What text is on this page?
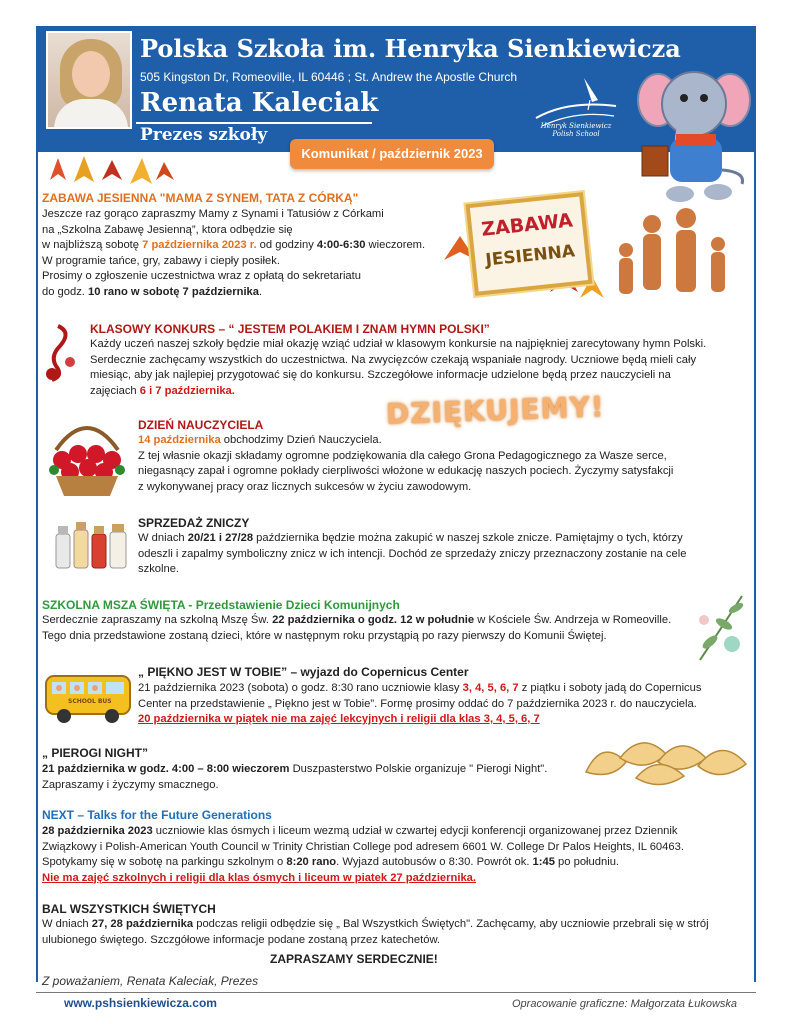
Polska Szkoła im. Henryka Sienkiewicza
505 Kingston Dr, Romeoville, IL 60446 ; St. Andrew the Apostle Church
Renata Kaleciak
Prezes szkoły	Henryk Sienkiewicz
Polish School
Komunikat / październik 2023
ZABAWA JESIENNA "MAMA Z SYNEM, TATA Z CÓRKĄ"
Jeszcze raz gorąco zapraszmy Mamy z Synami i Tatusiów z Córkami
na „Szkolna Zabawę Jesienną”, ktora odbędzie się
w najbliższą sobotę 7 października 2023 r. od godziny 4:00-6:30 wieczorem.
W programie tańce, gry, zabawy i ciepły posiłek.
Prosimy o zgłoszenie uczestnictwa wraz z opłatą do sekretariatu
do godz. 10 rano w sobotę 7 października.
ZABAWA
JESIENNA
KLASOWY KONKURS – “ JESTEM POLAKIEM I ZNAM HYMN POLSKI”
Każdy uczeń naszej szkoły będzie miał okazję wziąć udział w klasowym konkursie na najpiękniej zarecytowany hymn Polski.
Serdecznie zachęcamy wszystkich do uczestnictwa. Na zwycięzców czekają wspaniałe nagrody. Uczniowe będą mieli cały
miesiąc, aby jak najlepiej przygotować się do konkursu. Szczegółowe informacje udzielone będą przez nauczycieli na
zajęciach 6 i 7 października.
DZIEŃ NAUCZYCIELA	DZIĘKUJEMY!
14 października obchodzimy Dzień Nauczyciela.
Z tej własnie okazji składamy ogromne podziękowania dla całego Grona Pedagogicznego za Wasze serce,
niegasnący zapał i ogromne pokłady cierpliwości włożone w edukację naszych pociech. Życzymy satysfakcji
z wykonywanej pracy oraz licznych sukcesów w życiu zawodowym.
SPRZEDAŻ ZNICZY
W dniach 20/21 i 27/28 października będzie można zakupić w naszej szkole znicze. Pamiętajmy o tych, którzy
odeszli i zapalmy symboliczny znicz w ich intencji. Dochód ze sprzedaży zniczy przeznaczony zostanie na cele
szkolne.
SZKOLNA MSZA ŚWIĘTA - Przedstawienie Dzieci Komunijnych
Serdecznie zapraszamy na szkolną Mszę Św. 22 października o godz. 12 w południe w Kościele Św. Andrzeja w Romeoville.
Tego dnia przedstawione zostaną dzieci, które w następnym roku przystąpią po razy pierwszy do Komunii Świętej.
SCHOOL BUS
„ PIĘKNO JEST W TOBIE” – wyjazd do Copernicus Center
21 października 2023 (sobota) o godz. 8:30 rano uczniowie klasy 3, 4, 5, 6, 7 z piątku i soboty jadą do Copernicus
Center na przedstawienie „ Piękno jest w Tobie”. Formę prosimy oddać do 7 października 2023 r. do nauczyciela.
20 października w piątek nie ma zajęć lekcyjnych i religii dla klas 3, 4, 5, 6, 7
„ PIEROGI NIGHT”
21 października w godz. 4:00 – 8:00 wieczorem Duszpasterstwo Polskie organizuje " Pierogi Night".
Zapraszamy i życzymy smacznego.
NEXT – Talks for the Future Generations
28 października 2023 uczniowie klas ósmych i liceum wezmą udział w czwartej edycji konferencji organizowanej przez Dziennik
Związkowy i Polish-American Youth Council w Trinity Christian College pod adresem 6601 W. College Dr Palos Heights, IL 60463.
Spotykamy się w sobotę na parkingu szkolnym o 8:20 rano. Wyjazd autobusów o 8:30. Powrót ok. 1:45 po południu.
Nie ma zajęć szkolnych i religii dla klas ósmych i liceum w piatek 27 października.
BAL WSZYSTKICH ŚWIĘTYCH
W dniach 27, 28 października podczas religii odbędzie się „ Bal Wszystkich Świętych". Zachęcamy, aby uczniowie przebrali się w strój
ulubionego świętego. Szczgółowe informacje podane zostaną przez katechetów.
ZAPRASZAMY SERDECZNIE!
Z poważaniem, Renata Kaleciak, Prezes
www.pshsienkiewicza.com	Opracowanie graficzne: Małgorzata Łukowska
